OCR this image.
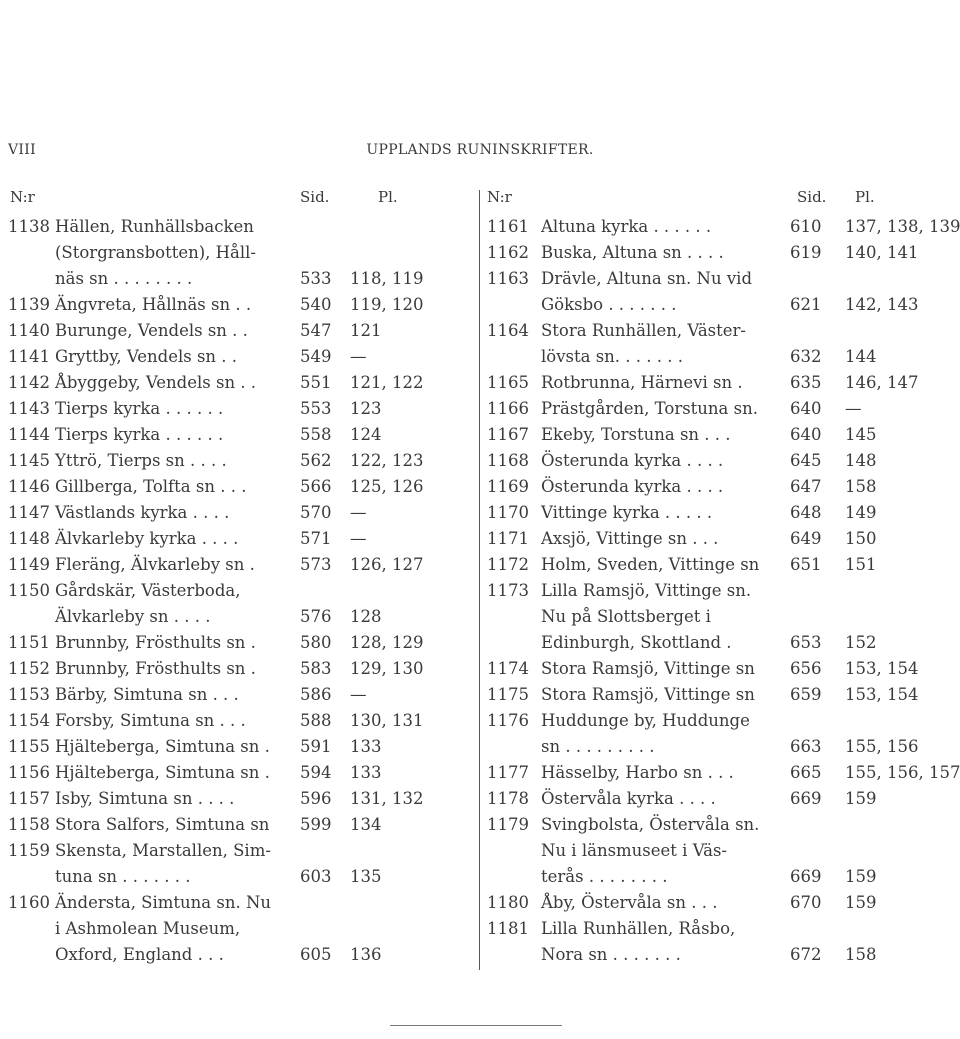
VIII	UPPLANDS RUNINSKRIFTER.
N:r	Sid.	Pl.
1138 Hällen, Runhällsbacken
(Storgransbotten), Håll-
näs sn . . . . . . . .	533 118, 119
1139 Ängvreta, Hållnäs sn . .	540 119, 120
1140 Burunge, Vendels sn . .	547 121
1141 Gryttby, Vendels sn . .	549 —
1142 Åbyggeby, Vendels sn . .	551 121, 122
1143 Tierps kyrka . . . . . .	553 123
1144 Tierps kyrka . . . . . .	558 124
1145 Yttrö, Tierps sn . . . .	562 122, 123
1146 Gillberga, Tolfta sn . . .	566 125, 126
1147 Västlands kyrka . . . .	570 —
1148 Älvkarleby kyrka . . . .	571 —
1149 Fleräng, Älvkarleby sn .	573 126, 127
1150 Gårdskär, Västerboda,
Älvkarleby sn . . . .	576 128
1151 Brunnby, Frösthults sn .	580 128, 129
1152 Brunnby, Frösthults sn .	583 129, 130
1153 Bärby, Simtuna sn . . .	586 —
1154 Forsby, Simtuna sn . . .	588 130, 131
1155 Hjälteberga, Simtuna sn . 591 133
1156 Hjälteberga, Simtuna sn . 594 133
1157 Isby, Simtuna sn . . . .	596 131, 132
1158 Stora Salfors, Simtuna sn 599 134
1159 Skensta, Marstallen, Sim-
tuna sn . . . . . . .	603 135
1160 Ändersta, Simtuna sn. Nu
i Ashmolean Museum,
Oxford, England . . .	605 136
N:r	Sid. Pl.
1161 Altuna kyrka . . . . . .	610 137, 138, 139
1162 Buska, Altuna sn . . . .	619 140, 141
1163 Drävle, Altuna sn. Nu vid
Göksbo . . . . . . .	621 142, 143
1164 Stora Runhällen, Väster-
lövsta sn. . . . . . .	632 144
1165 Rotbrunna, Härnevi sn .	635 146, 147
1166 Prästgården, Torstuna sn. 640 —
1167 Ekeby, Torstuna sn . . .	640 145
1168 Österunda kyrka . . . .	645 148
1169 Österunda kyrka . . . .	647 158
1170 Vittinge kyrka . . . . .	648 149
1171 Axsjö, Vittinge sn . . .	649 150
1172 Holm, Sveden, Vittinge sn 651 151
1173 Lilla Ramsjö, Vittinge sn.
Nu på Slottsberget i
Edinburgh, Skottland .	653 152
1174 Stora Ramsjö, Vittinge sn 656 153, 154
1175 Stora Ramsjö, Vittinge sn 659 153, 154
1176 Huddunge by, Huddunge
sn . . . . . . . . .	663 155, 156
1177 Hässelby, Harbo sn . . .	665 155, 156, 157
1178 Östervåla kyrka . . . .	669 159
1179 Svingbolsta, Östervåla sn.
Nu i länsmuseet i Väs-
terås . . . . . . . .	669 159
1180 Åby, Östervåla sn . . .	670 159
1181 Lilla Runhällen, Råsbo,
Nora sn . . . . . . .	672 158
